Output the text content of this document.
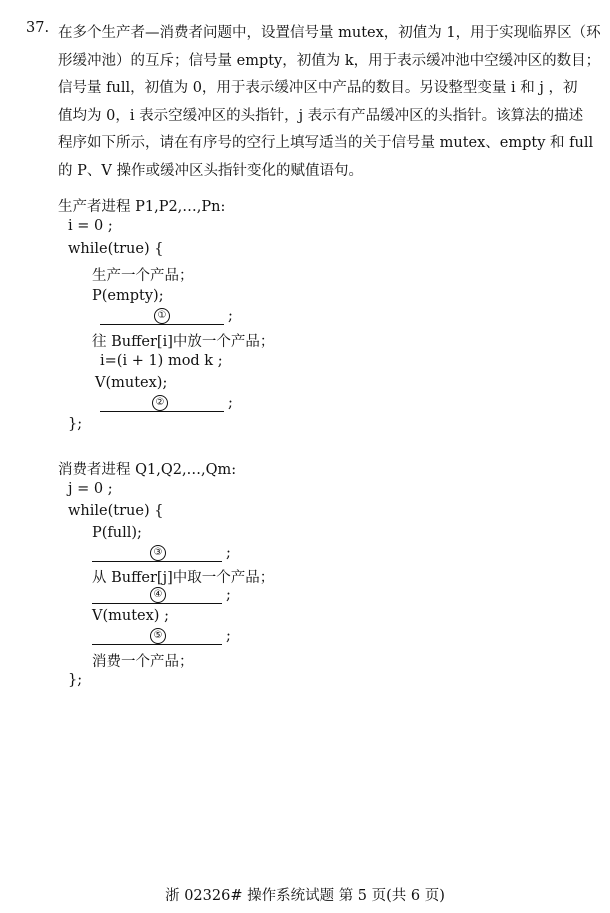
37. 在多个生产者—消费者问题中，设置信号量 mutex，初值为 1，用于实现临界区（环
形缓冲池）的互斥；信号量 empty，初值为 k，用于表示缓冲池中空缓冲区的数目；
信号量 full，初值为 0，用于表示缓冲区中产品的数目。另设整型变量 i 和 j ，初
值均为 0，i 表示空缓冲区的头指针，j 表示有产品缓冲区的头指针。该算法的描述
程序如下所示，请在有序号的空行上填写适当的关于信号量 mutex、empty 和 full
的 P、V 操作或缓冲区头指针变化的赋值语句。
生产者进程 P1,P2,…,Pn:
i = 0 ;
while(true) {
生产一个产品；
P(empty);
①	;
往 Buffer[i]中放一个产品；
i=(i + 1) mod k ;
V(mutex);
②	;
};
消费者进程 Q1,Q2,…,Qm:
j = 0 ;
while(true) {
P(full);
③	;
从 Buffer[j]中取一个产品；
④	;
V(mutex) ;
⑤	;
消费一个产品；
};
浙 02326# 操作系统试题 第 5 页(共 6 页)
